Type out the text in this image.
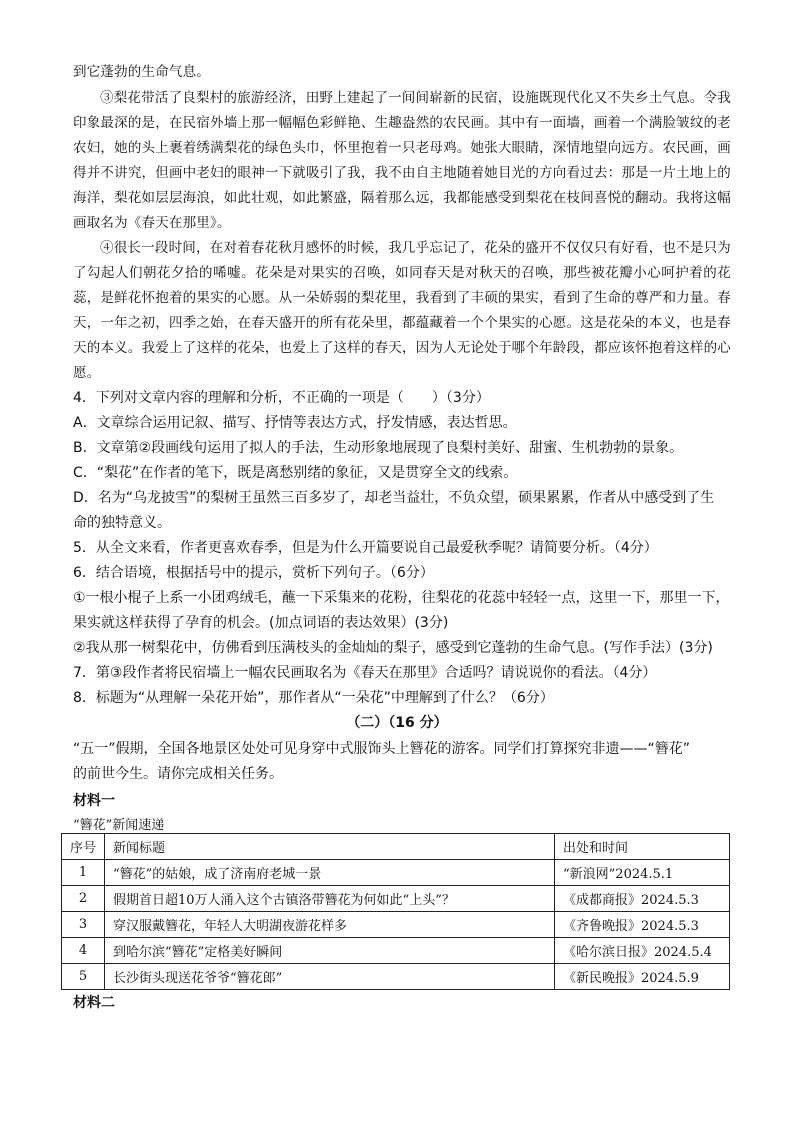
到它蓬勃的生命气息。
③梨花带活了良梨村的旅游经济，田野上建起了一间间崭新的民宿，设施既现代化又不失乡土气息。令我印象最深的是，在民宿外墙上那一幅幅色彩鲜艳、生趣盎然的农民画。其中有一面墙，画着一个满脸皱纹的老农妇，她的头上裹着绣满梨花的绿色头巾，怀里抱着一只老母鸡。她张大眼睛，深情地望向远方。农民画，画得并不讲究，但画中老妇的眼神一下就吸引了我，我不由自主地随着她目光的方向看过去：那是一片土地上的海洋，梨花如层层海浪，如此壮观，如此繁盛，隔着那么远，我都能感受到梨花在枝间喜悦的翻动。我将这幅画取名为《春天在那里》。
④很长一段时间，在对着春花秋月感怀的时候，我几乎忘记了，花朵的盛开不仅仅只有好看，也不是只为了勾起人们朝花夕拾的唏嘘。花朵是对果实的召唤，如同春天是对秋天的召唤，那些被花瓣小心呵护着的花蕊，是鲜花怀抱着的果实的心愿。从一朵娇弱的梨花里，我看到了丰硕的果实，看到了生命的尊严和力量。春天，一年之初，四季之始，在春天盛开的所有花朵里，都蕴藏着一个个果实的心愿。这是花朵的本义，也是春天的本义。我爱上了这样的花朵，也爱上了这样的春天，因为人无论处于哪个年龄段，都应该怀抱着这样的心愿。
4．下列对文章内容的理解和分析，不正确的一项是（　　）（3分）
A．文章综合运用记叙、描写、抒情等表达方式，抒发情感，表达哲思。
B．文章第②段画线句运用了拟人的手法，生动形象地展现了良梨村美好、甜蜜、生机勃勃的景象。
C．“梨花”在作者的笔下，既是离愁别绪的象征，又是贯穿全文的线索。
D．名为“乌龙披雪”的梨树王虽然三百多岁了，却老当益壮，不负众望，硕果累累，作者从中感受到了生
命的独特意义。
5．从全文来看，作者更喜欢春季，但是为什么开篇要说自己最爱秋季呢？请简要分析。（4分）
6．结合语境，根据括号中的提示，赏析下列句子。（6分）
①一根小棍子上系一小团鸡绒毛，蘸一下采集来的花粉，往梨花的花蕊中轻轻一点，这里一下，那里一下，
果实就这样获得了孕育的机会。(加点词语的表达效果）(3分)
②我从那一树梨花中，仿佛看到压满枝头的金灿灿的梨子，感受到它蓬勃的生命气息。(写作手法）(3分)
7．第③段作者将民宿墙上一幅农民画取名为《春天在那里》合适吗？请说说你的看法。（4分）
8．标题为“从理解一朵花开始”，那作者从“一朵花”中理解到了什么？（6分）
（二）（16 分）
“五一”假期，全国各地景区处处可见身穿中式服饰头上簪花的游客。同学们打算探究非遗——“簪花”
的前世今生。请你完成相关任务。
材料一
“簪花”新闻速递
序号	新闻标题	出处和时间
1	“簪花”的姑娘，成了济南府老城一景	“新浪网”2024.5.1
2	假期首日超10万人涌入这个古镇洛带簪花为何如此“上头”？	《成都商报》2024.5.3
3	穿汉服戴簪花，年轻人大明湖夜游花样多	《齐鲁晚报》2024.5.3
4	到哈尔滨“簪花”定格美好瞬间	《哈尔滨日报》2024.5.4
5	长沙街头现送花爷爷“簪花郎”	《新民晚报》2024.5.9
材料二
